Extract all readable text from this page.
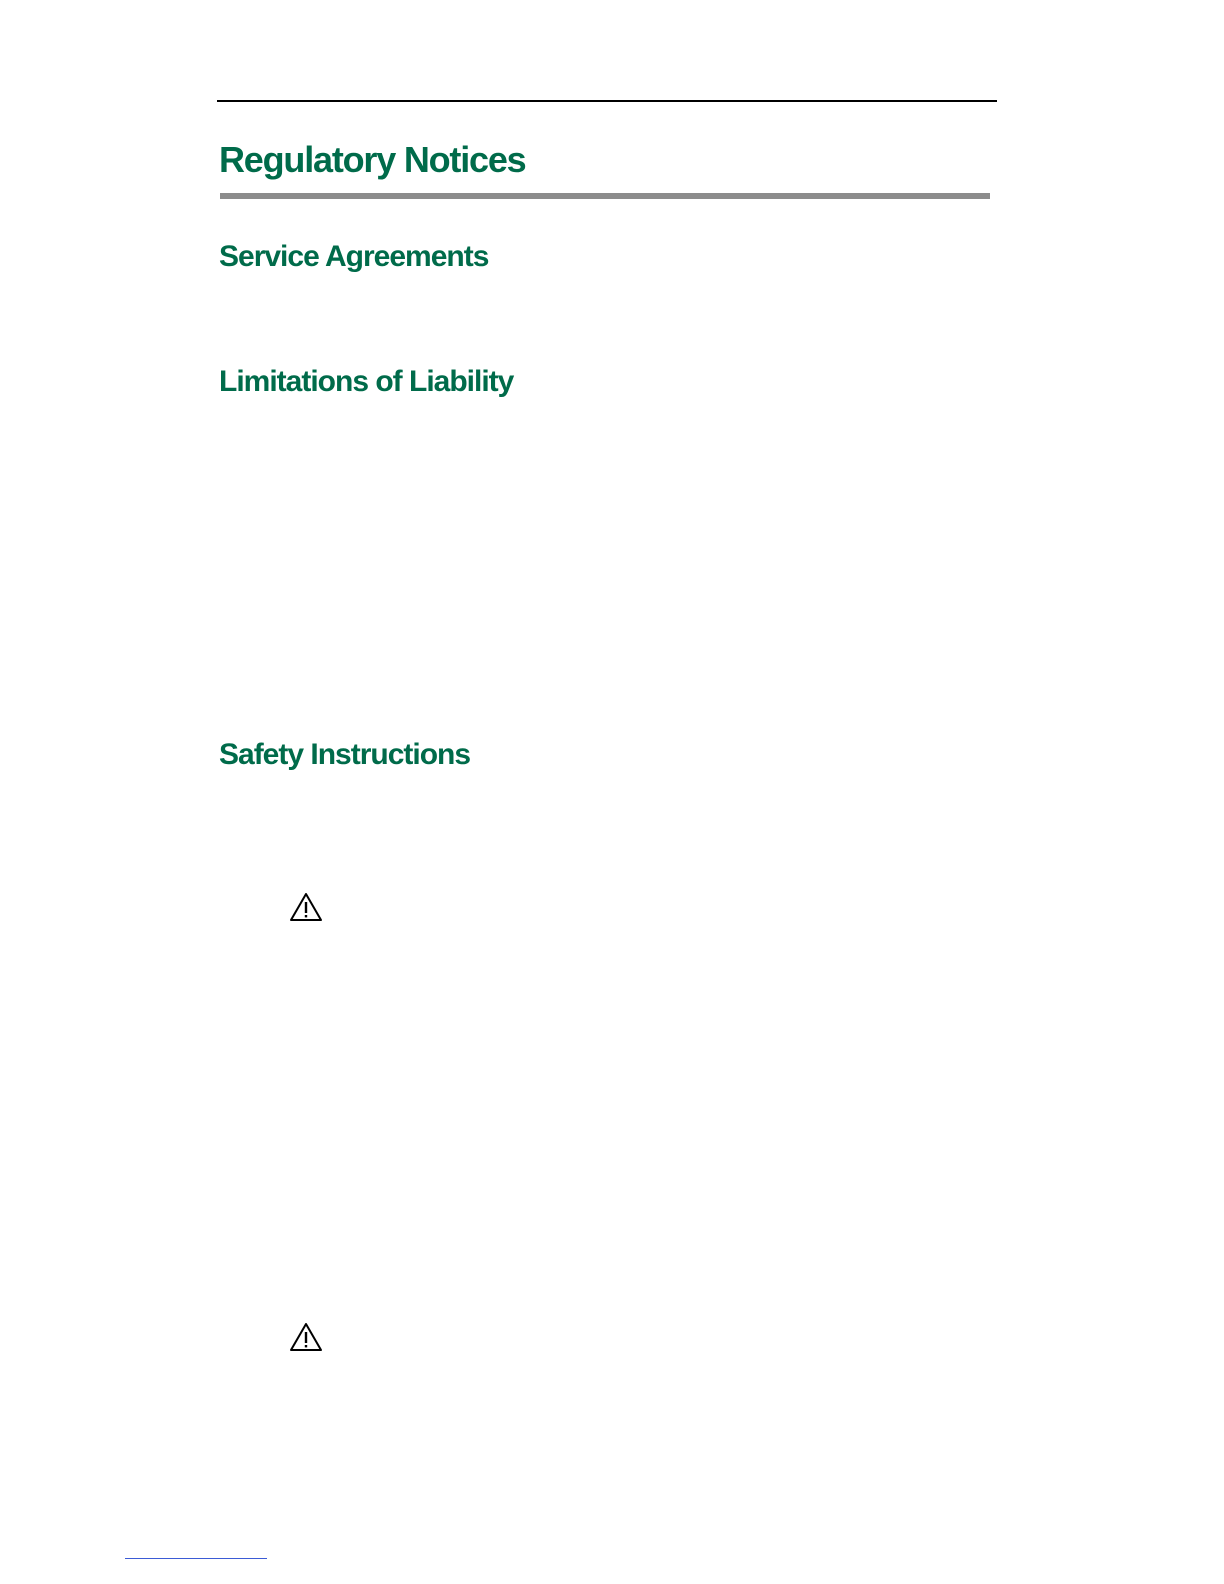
Regulatory Notices
Service Agreements
Limitations of Liability
Safety Instructions
